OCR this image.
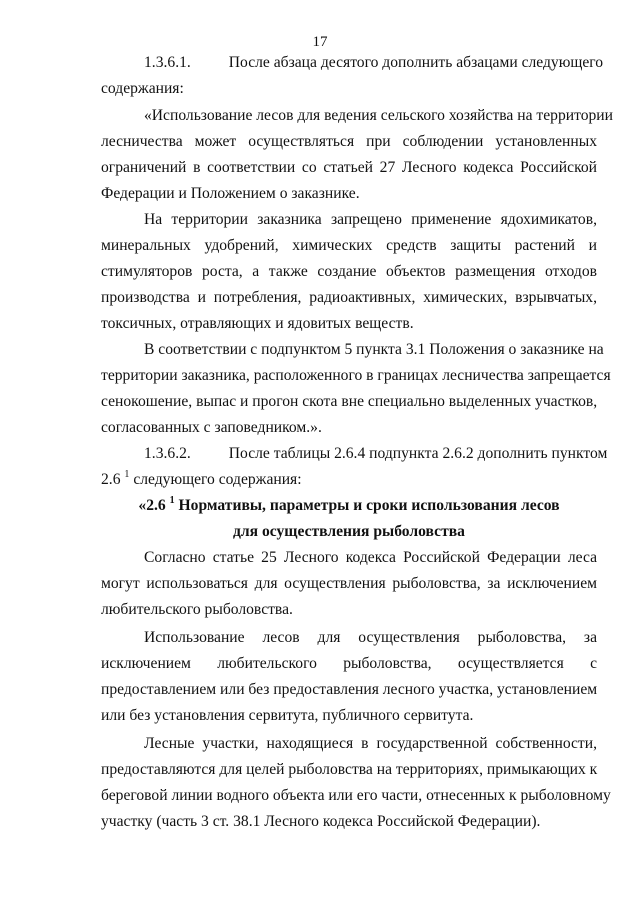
17
1.3.6.1. После абзаца десятого дополнить абзацами следующего
содержания:
«Использование лесов для ведения сельского хозяйства на территории
лесничества может осуществляться при соблюдении установленных
ограничений в соответствии со статьей 27 Лесного кодекса Российской
Федерации и Положением о заказнике.
На территории заказника запрещено применение ядохимикатов,
минеральных удобрений, химических средств защиты растений и
стимуляторов роста, а также создание объектов размещения отходов
производства и потребления, радиоактивных, химических, взрывчатых,
токсичных, отравляющих и ядовитых веществ.
В соответствии с подпунктом 5 пункта 3.1 Положения о заказнике на
территории заказника, расположенного в границах лесничества запрещается
сенокошение, выпас и прогон скота вне специально выделенных участков,
согласованных с заповедником.».
1.3.6.2. После таблицы 2.6.4 подпункта 2.6.2 дополнить пунктом
2.6 $^1$ следующего содержания:
«2.6 $^1$ Нормативы, параметры и сроки использования лесов
для осуществления рыболовства
Согласно статье 25 Лесного кодекса Российской Федерации леса
могут использоваться для осуществления рыболовства, за исключением
любительского рыболовства.
Использование лесов для осуществления рыболовства, за
исключением любительского рыболовства, осуществляется с
предоставлением или без предоставления лесного участка, установлением
или без установления сервитута, публичного сервитута.
Лесные участки, находящиеся в государственной собственности,
предоставляются для целей рыболовства на территориях, примыкающих к
береговой линии водного объекта или его части, отнесенных к рыболовному
участку (часть 3 ст. 38.1 Лесного кодекса Российской Федерации).
